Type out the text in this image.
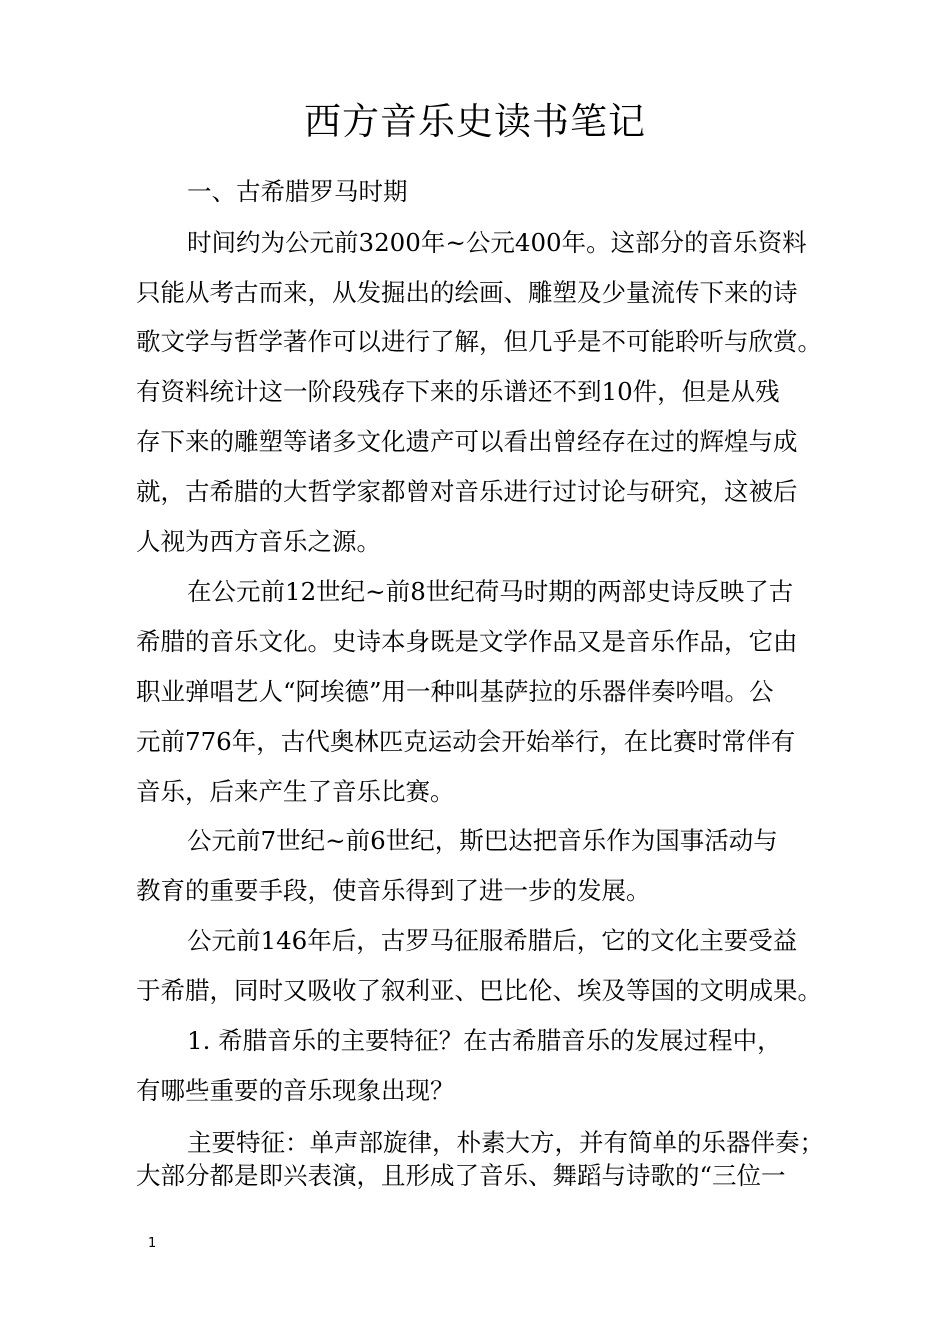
西方音乐史读书笔记
一、古希腊罗马时期
时间约为公元前3200年~公元400年。这部分的音乐资料
只能从考古而来，从发掘出的绘画、雕塑及少量流传下来的诗
歌文学与哲学著作可以进行了解，但几乎是不可能聆听与欣赏。
有资料统计这一阶段残存下来的乐谱还不到10件，但是从残
存下来的雕塑等诸多文化遗产可以看出曾经存在过的辉煌与成
就，古希腊的大哲学家都曾对音乐进行过讨论与研究，这被后
人视为西方音乐之源。
在公元前12世纪~前8世纪荷马时期的两部史诗反映了古
希腊的音乐文化。史诗本身既是文学作品又是音乐作品，它由
职业弹唱艺人“阿埃德”用一种叫基萨拉的乐器伴奏吟唱。公
元前776年，古代奥林匹克运动会开始举行，在比赛时常伴有
音乐，后来产生了音乐比赛。
公元前7世纪~前6世纪，斯巴达把音乐作为国事活动与
教育的重要手段，使音乐得到了进一步的发展。
公元前146年后，古罗马征服希腊后，它的文化主要受益
于希腊，同时又吸收了叙利亚、巴比伦、埃及等国的文明成果。
1. 希腊音乐的主要特征？在古希腊音乐的发展过程中，
有哪些重要的音乐现象出现？
主要特征：单声部旋律，朴素大方，并有简单的乐器伴奏；
大部分都是即兴表演，且形成了音乐、舞蹈与诗歌的“三位一
1
